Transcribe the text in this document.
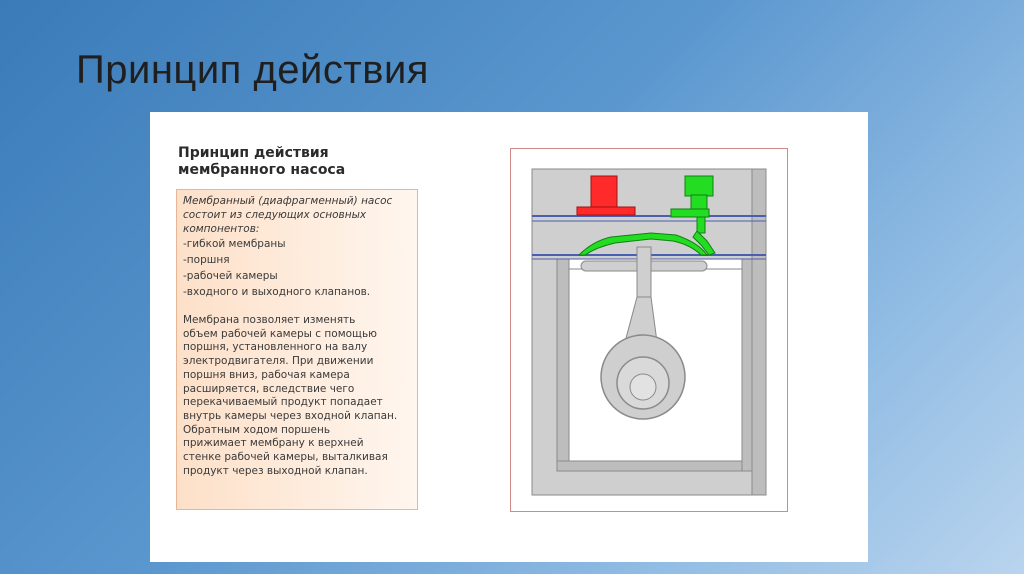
Принцип действия
Принцип действия
мембранного насоса
Мембранный (диафрагменный) насос
состоит из следующих основных
компонентов:
-гибкой мембраны
-поршня
-рабочей камеры
-входного и выходного клапанов.
Мембрана позволяет изменять
объем рабочей камеры с помощью
поршня, установленного на валу
электродвигателя. При движении
поршня вниз, рабочая камера
расширяется, вследствие чего
перекачиваемый продукт попадает
внутрь камеры через входной клапан.
Обратным ходом поршень
прижимает мембрану к верхней
стенке рабочей камеры, выталкивая
продукт через выходной клапан.
